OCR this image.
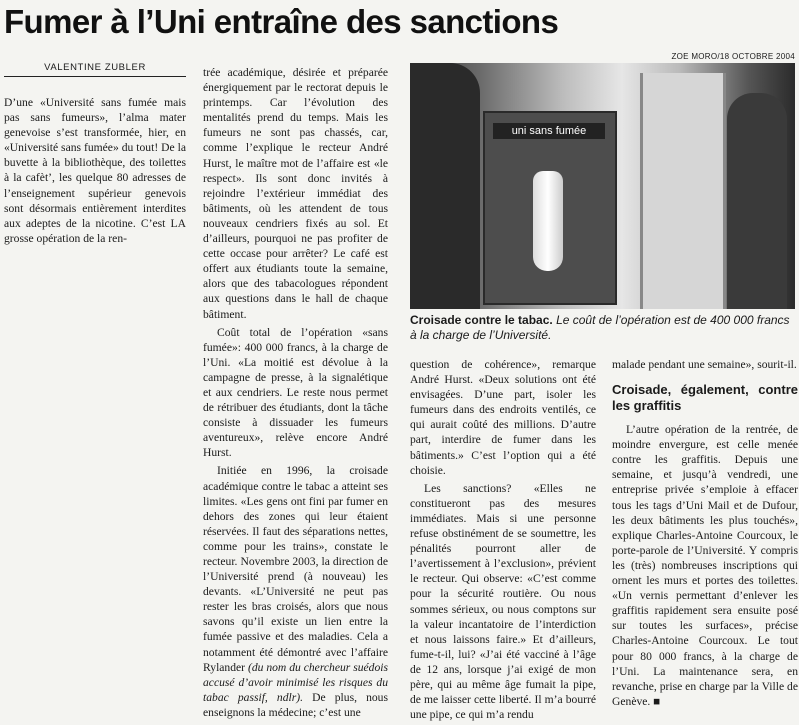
Fumer à l’Uni entraîne des sanctions
VALENTINE ZUBLER

D’une «Université sans fumée mais pas sans fumeurs», l’alma mater genevoise s’est transformée, hier, en «Université sans fumée» du tout! De la buvette à la bibliothèque, des toilettes à la cafèt’, les quelque 80 adresses de l’enseignement supérieur genevois sont désormais entièrement interdites aux adeptes de la nicotine. C’est LA grosse opération de la ren-

trée académique, désirée et préparée énergiquement par le rectorat depuis le printemps. Car l’évolution des mentalités prend du temps. Mais les fumeurs ne sont pas chassés, car, comme l’explique le recteur André Hurst, le maître mot de l’affaire est «le respect». Ils sont donc invités à rejoindre l’extérieur immédiat des bâtiments, où les attendent de tous nouveaux cendriers fixés au sol. Et d’ailleurs, pourquoi ne pas profiter de cette occase pour arrêter? Le café est offert aux étudiants toute la semaine, alors que des tabacologues répondent aux questions dans le hall de chaque bâtiment.

Coût total de l’opération «sans fumée»: 400 000 francs, à la charge de l’Uni. «La moitié est dévolue à la campagne de presse, à la signalétique et aux cendriers. Le reste nous permet de rétribuer des étudiants, dont la tâche consiste à dissuader les fumeurs aventureux», relève encore André Hurst.

Initiée en 1996, la croisade académique contre le tabac a atteint ses limites. «Les gens ont fini par fumer en dehors des zones qui leur étaient réservées. Il faut des séparations nettes, comme pour les trains», constate le recteur. Novembre 2003, la direction de l’Université prend (à nouveau) les devants. «L’Université ne peut pas rester les bras croisés, alors que nous savons qu’il existe un lien entre la fumée passive et des maladies. Cela a notamment été démontré avec l’affaire Rylander (du nom du chercheur suédois accusé d’avoir minimisé les risques du tabac passif, ndlr). De plus, nous enseignons la médecine; c’est une

ZOE MORO/18 OCTOBRE 2004
uni sans fumée
Croisade contre le tabac. Le coût de l’opération est de 400 000 francs à la charge de l’Université.

question de cohérence», remarque André Hurst. «Deux solutions ont été envisagées. D’une part, isoler les fumeurs dans des endroits ventilés, ce qui aurait coûté des millions. D’autre part, interdire de fumer dans les bâtiments.» C’est l’option qui a été choisie.

Les sanctions? «Elles ne constitueront pas des mesures immédiates. Mais si une personne refuse obstinément de se soumettre, les pénalités pourront aller de l’avertissement à l’exclusion», prévient le recteur. Qui observe: «C’est comme pour la sécurité routière. Ou nous sommes sérieux, ou nous comptons sur la valeur incantatoire de l’interdiction et nous laissons faire.» Et d’ailleurs, fume-t-il, lui? «J’ai été vacciné à l’âge de 12 ans, lorsque j’ai exigé de mon père, qui au même âge fumait la pipe, de me laisser cette liberté. Il m’a bourré une pipe, ce qui m’a rendu

malade pendant une semaine», sourit-il.

Croisade, également, contre les graffitis

L’autre opération de la rentrée, de moindre envergure, est celle menée contre les graffitis. Depuis une semaine, et jusqu’à vendredi, une entreprise privée s’emploie à effacer tous les tags d’Uni Mail et de Dufour, les deux bâtiments les plus touchés», explique Charles-Antoine Courcoux, le porte-parole de l’Université. Y compris les (très) nombreuses inscriptions qui ornent les murs et portes des toilettes. «Un vernis permettant d’enlever les graffitis rapidement sera ensuite posé sur toutes les surfaces», précise Charles-Antoine Courcoux. Le tout pour 80 000 francs, à la charge de l’Uni. La maintenance sera, en revanche, prise en charge par la Ville de Genève. ■
